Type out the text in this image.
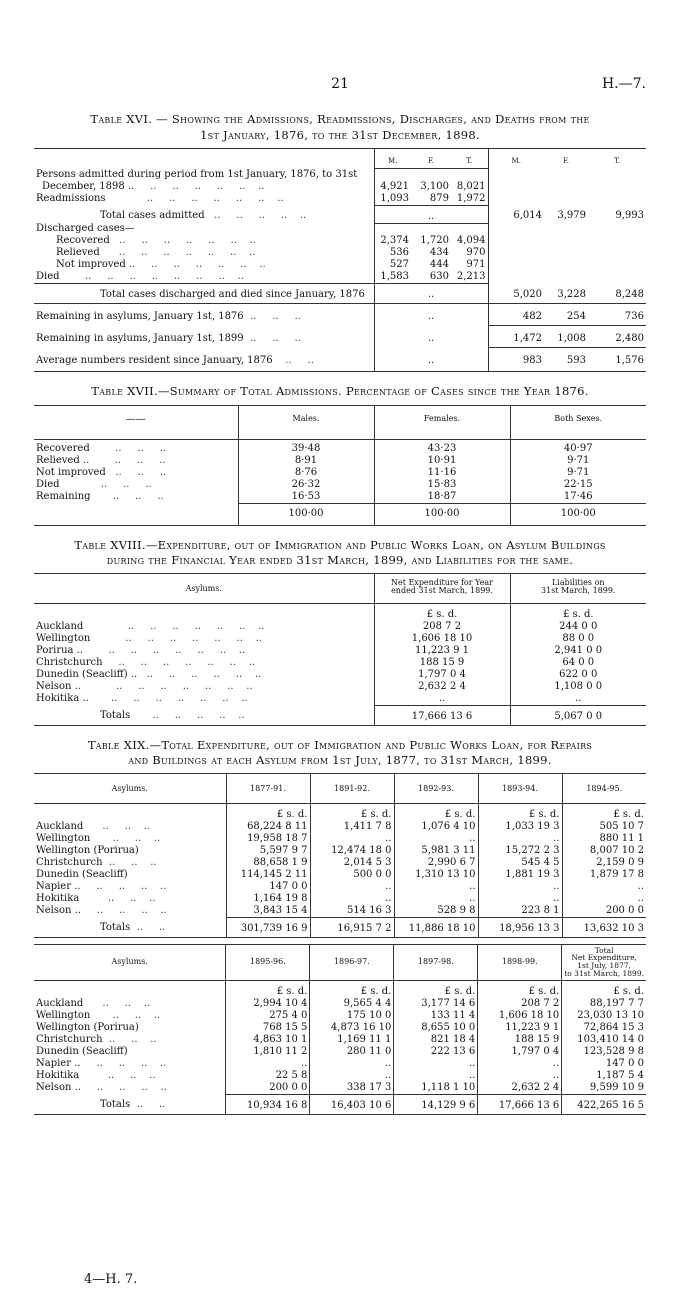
21	H.—7.

Table XVI. — Showing the Admissions, Readmissions, Discharges, and Deaths from the
1st January, 1876, to the 31st December, 1898.

	M.	F.	T.	M.	F.	T.
Persons admitted during period from 1st January, 1876, to 31st						
December, 1898 ..     ..     ..     ..     ..     ..    ..	4,921	3,100	8,021			
Readmissions             ..     ..     ..     ..     ..     ..    ..	1,093	879	1,972			
Total cases admitted   ..     ..     ..     ..    ..		..		6,014	3,979	9,993
Discharged cases—						
Recovered   ..     ..     ..     ..     ..     ..    ..	2,374	1,720	4,094			
Relieved      ..     ..     ..     ..     ..     ..    ..	536	434	970			
Not improved ..     ..     ..     ..     ..     ..    ..	527	444	971			
Died        ..     ..     ..     ..     ..     ..     ..    ..	1,583	630	2,213			
Total cases discharged and died since January, 1876		..		5,020	3,228	8,248
Remaining in asylums, January 1st, 1876  ..     ..     ..		..		482	254	736
Remaining in asylums, January 1st, 1899  ..     ..     ..		..		1,472	1,008	2,480
Average numbers resident since January, 1876    ..     ..		..		983	593	1,576

Table XVII.—Summary of Total Admissions. Percentage of Cases since the Year 1876.

——	Males.	Females.	Both Sexes.
Recovered        ..     ..     ..	39·48	43·23	40·97
Relieved ..        ..     ..     ..	8·91	10·91	9·71
Not improved   ..     ..     ..	8·76	11·16	9·71
Died             ..     ..     ..	26·32	15·83	22·15
Remaining       ..     ..     ..	16·53	18·87	17·46
	100·00	100·00	100·00

Table XVIII.—Expenditure, out of Immigration and Public Works Loan, on Asylum Buildings
during the Financial Year ended 31st March, 1899, and Liabilities for the same.

Asylums.	Net Expenditure for Year
ended 31st March, 1899.	Liabilities on
31st March, 1899.
	£ s. d.	£ s. d.
Auckland              ..     ..     ..     ..     ..     ..    ..	208 7 2	244 0 0
Wellington           ..     ..     ..     ..     ..     ..    ..	1,606 18 10	88 0 0
Porirua ..        ..     ..     ..     ..     ..     ..    ..	11,223 9 1	2,941 0 0
Christchurch     ..     ..     ..     ..     ..     ..    ..	188 15 9	64 0 0
Dunedin (Seacliff) ..   ..     ..     ..     ..     ..    ..	1,797 0 4	622 0 0
Nelson ..           ..     ..     ..     ..     ..     ..    ..	2,632 2 4	1,108 0 0
Hokitika ..       ..     ..     ..     ..     ..     ..    ..	..	..
Totals       ..     ..     ..     ..    ..	17,666 13 6	5,067 0 0

Table XIX.—Total Expenditure, out of Immigration and Public Works Loan, for Repairs
and Buildings at each Asylum from 1st July, 1877, to 31st March, 1899.

Asylums.	1877-91.	1891-92.	1892-93.	1893-94.	1894-95.
	£ s. d.	£ s. d.	£ s. d.	£ s. d.	£ s. d.
Auckland      ..     ..    ..	68,224 8 11	1,411 7 8	1,076 4 10	1,033 19 3	505 10 7
Wellington       ..     ..    ..	19,958 18 7	..	..	..	880 11 1
Wellington (Porirua)	5,597 9 7	12,474 18 0	5,981 3 11	15,272 2 3	8,007 10 2
Christchurch  ..     ..    ..	88,658 1 9	2,014 5 3	2,990 6 7	545 4 5	2,159 0 9
Dunedin (Seacliff)	114,145 2 11	500 0 0	1,310 13 10	1,881 19 3	1,879 17 8
Napier ..     ..     ..     ..    ..	147 0 0	..	..	..	..
Hokitika         ..     ..    ..	1,164 19 8	..	..	..	..
Nelson ..     ..     ..     ..    ..	3,843 15 4	514 16 3	528 9 8	223 8 1	200 0 0
Totals  ..     ..	301,739 16 9	16,915 7 2	11,886 18 10	18,956 13 3	13,632 10 3
Asylums.	1895-96.	1896-97.	1897-98.	1898-99.	Total
Net Expenditure,
1st July, 1877,
to 31st March, 1899.
	£ s. d.	£ s. d.	£ s. d.	£ s. d.	£ s. d.
Auckland      ..     ..    ..	2,994 10 4	9,565 4 4	3,177 14 6	208 7 2	88,197 7 7
Wellington       ..     ..    ..	275 4 0	175 10 0	133 11 4	1,606 18 10	23,030 13 10
Wellington (Porirua)	768 15 5	4,873 16 10	8,655 10 0	11,223 9 1	72,864 15 3
Christchurch  ..     ..    ..	4,863 10 1	1,169 11 1	821 18 4	188 15 9	103,410 14 0
Dunedin (Seacliff)	1,810 11 2	280 11 0	222 13 6	1,797 0 4	123,528 9 8
Napier ..     ..     ..     ..    ..	..	..	..	..	147 0 0
Hokitika         ..     ..    ..	22 5 8	..	..	..	1,187 5 4
Nelson ..     ..     ..     ..    ..	200 0 0	338 17 3	1,118 1 10	2,632 2 4	9,599 10 9
Totals  ..     ..	10,934 16 8	16,403 10 6	14,129 9 6	17,666 13 6	422,265 16 5
4—H. 7.
